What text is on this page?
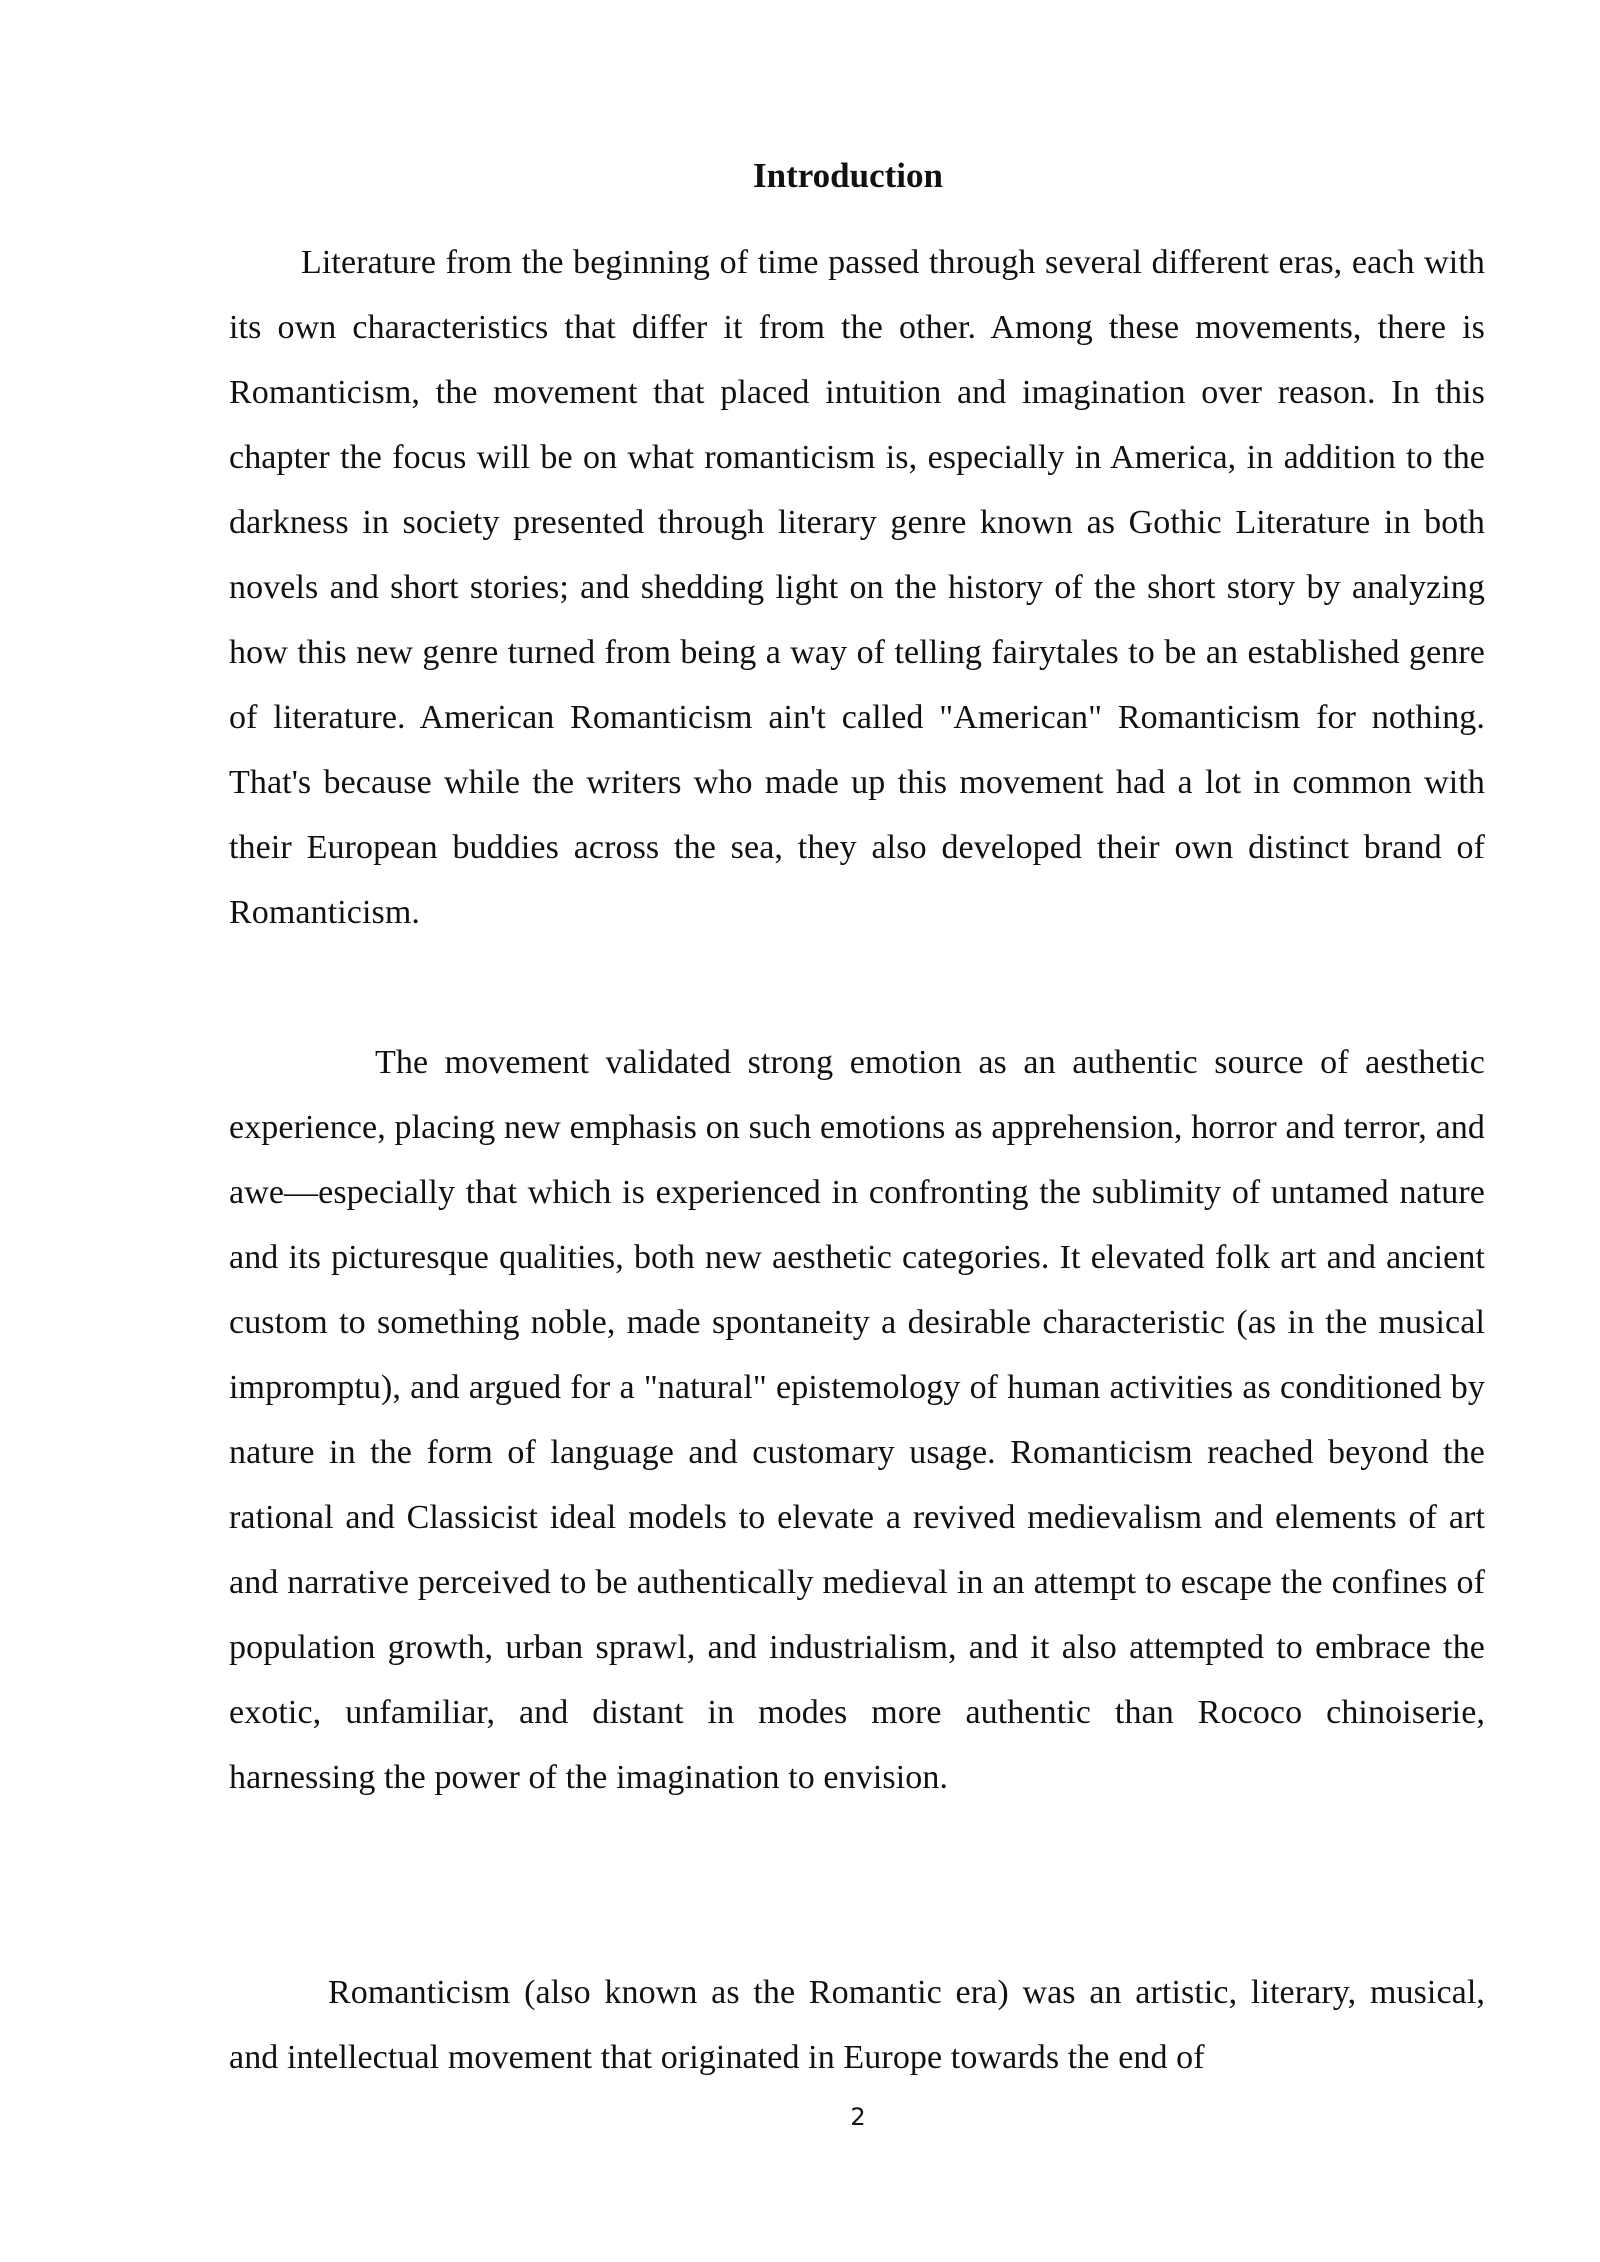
Introduction

Literature from the beginning of time passed through several different eras, each with its own characteristics that differ it from the other. Among these movements, there is Romanticism, the movement that placed intuition and imagination over reason. In this chapter the focus will be on what romanticism is, especially in America, in addition to the darkness in society presented through literary genre known as Gothic Literature in both novels and short stories; and shedding light on the history of the short story by analyzing how this new genre turned from being a way of telling fairytales to be an established genre of literature. American Romanticism ain't called "American" Romanticism for nothing. That's because while the writers who made up this movement had a lot in common with their European buddies across the sea, they also developed their own distinct brand of Romanticism.

The movement validated strong emotion as an authentic source of aesthetic experience, placing new emphasis on such emotions as apprehension, horror and terror, and awe—especially that which is experienced in confronting the sublimity of untamed nature and its picturesque qualities, both new aesthetic categories. It elevated folk art and ancient custom to something noble, made spontaneity a desirable characteristic (as in the musical impromptu), and argued for a "natural" epistemology of human activities as conditioned by nature in the form of language and customary usage. Romanticism reached beyond the rational and Classicist ideal models to elevate a revived medievalism and elements of art and narrative perceived to be authentically medieval in an attempt to escape the confines of population growth, urban sprawl, and industrialism, and it also attempted to embrace the exotic, unfamiliar, and distant in modes more authentic than Rococo chinoiserie, harnessing the power of the imagination to envision.

Romanticism (also known as the Romantic era) was an artistic, literary, musical, and intellectual movement that originated in Europe towards the end of

2
